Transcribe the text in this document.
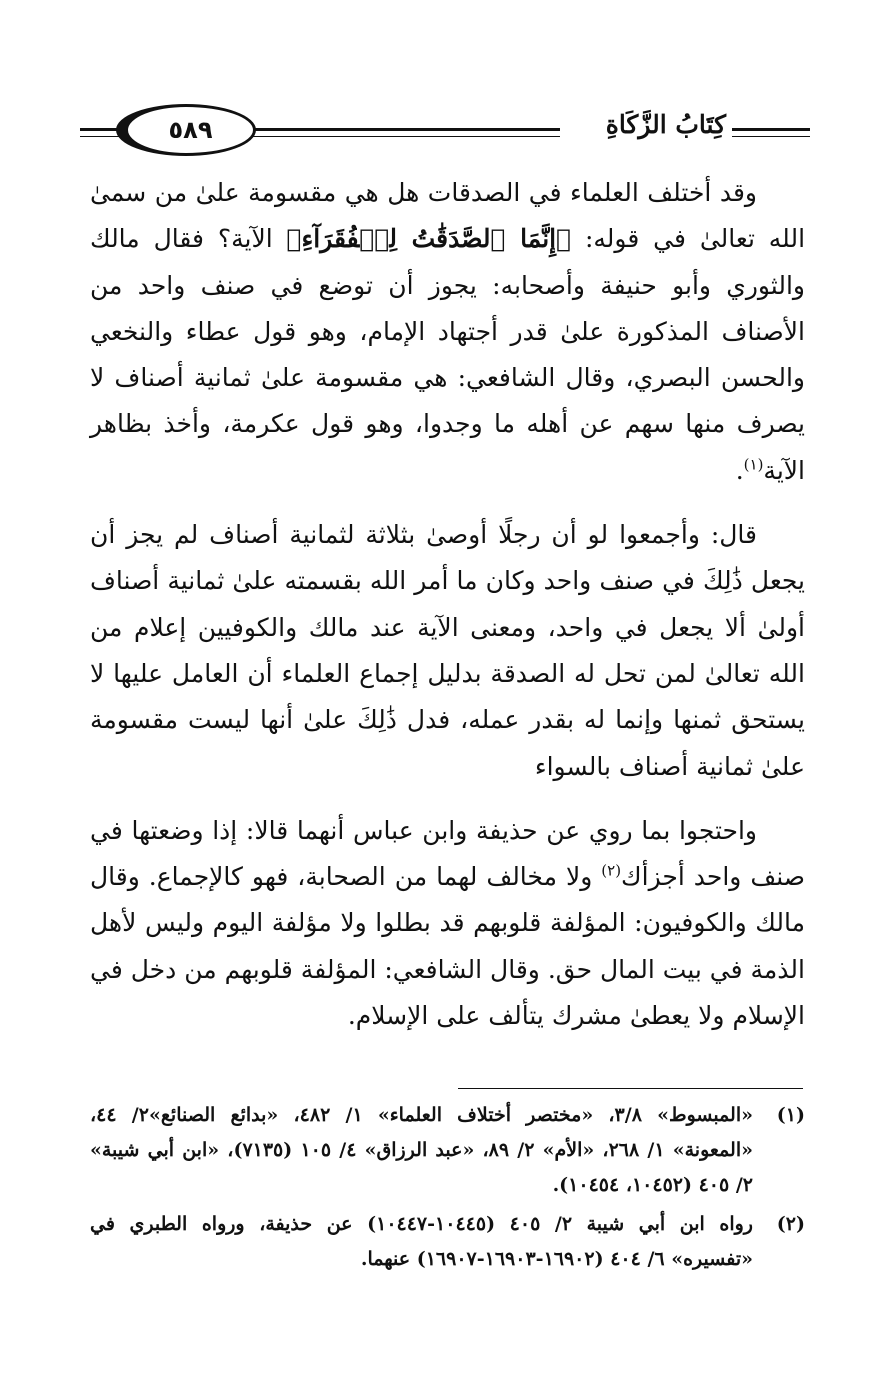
٥٨٩	كِتَابُ الزَّكَاةِ

وقد أختلف العلماء في الصدقات هل هي مقسومة علىٰ من سمىٰ الله تعالىٰ في قوله: ﴿إِنَّمَا ٱلصَّدَقَٰتُ لِلۡفُقَرَآءِ﴾ الآية؟ فقال مالك والثوري وأبو حنيفة وأصحابه: يجوز أن توضع في صنف واحد من الأصناف المذكورة علىٰ قدر أجتهاد الإمام، وهو قول عطاء والنخعي والحسن البصري، وقال الشافعي: هي مقسومة علىٰ ثمانية أصناف لا يصرف منها سهم عن أهله ما وجدوا، وهو قول عكرمة، وأخذ بظاهر الآية$^{(١)}$.

قال: وأجمعوا لو أن رجلًا أوصىٰ بثلاثة لثمانية أصناف لم يجز أن يجعل ذَٰلِكَ في صنف واحد وكان ما أمر الله بقسمته علىٰ ثمانية أصناف أولىٰ ألا يجعل في واحد، ومعنى الآية عند مالك والكوفيين إعلام من الله تعالىٰ لمن تحل له الصدقة بدليل إجماع العلماء أن العامل عليها لا يستحق ثمنها وإنما له بقدر عمله، فدل ذَٰلِكَ علىٰ أنها ليست مقسومة علىٰ ثمانية أصناف بالسواء

واحتجوا بما روي عن حذيفة وابن عباس أنهما قالا: إذا وضعتها في صنف واحد أجزأك$^{(٢)}$ ولا مخالف لهما من الصحابة، فهو كالإجماع. وقال مالك والكوفيون: المؤلفة قلوبهم قد بطلوا ولا مؤلفة اليوم وليس لأهل الذمة في بيت المال حق. وقال الشافعي: المؤلفة قلوبهم من دخل في الإسلام ولا يعطىٰ مشرك يتألف على الإسلام.

(١)
«المبسوط» ٣/٨، «مختصر أختلاف العلماء» ١/ ٤٨٢، «بدائع الصنائع»٢/ ٤٤، «المعونة» ١/ ٢٦٨، «الأم» ٢/ ٨٩، «عبد الرزاق» ٤/ ١٠٥ (٧١٣٥)، «ابن أبي شيبة» ٢/ ٤٠٥ (١٠٤٥٢، ١٠٤٥٤).
(٢)
رواه ابن أبي شيبة ٢/ ٤٠٥ (١٠٤٤٥-١٠٤٤٧) عن حذيفة، ورواه الطبري في «تفسيره» ٦/ ٤٠٤ (١٦٩٠٢-١٦٩٠٣-١٦٩٠٧) عنهما.
